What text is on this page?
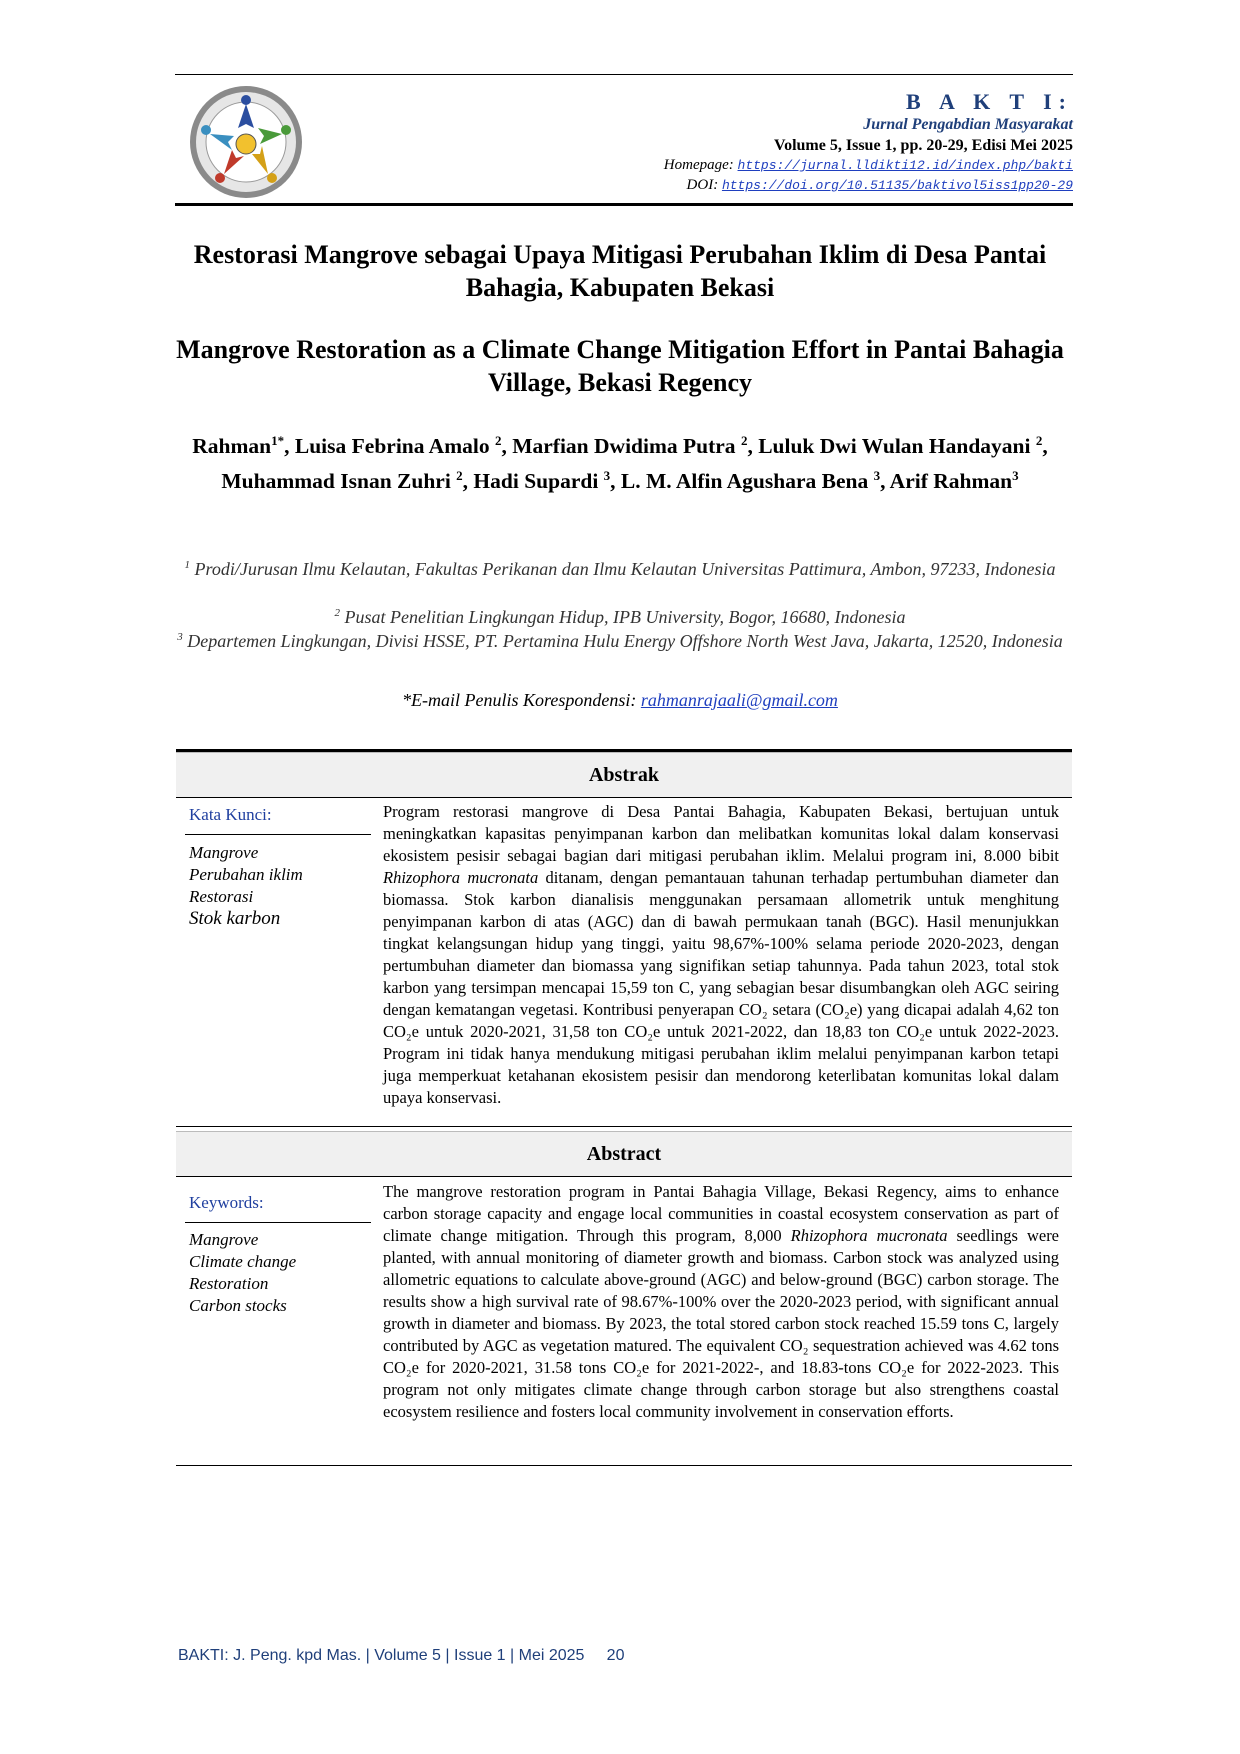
B A K T I:
Jurnal Pengabdian Masyarakat
Volume 5, Issue 1, pp. 20-29, Edisi Mei 2025
Homepage: https://jurnal.lldikti12.id/index.php/bakti
DOI: https://doi.org/10.51135/baktivol5iss1pp20-29
Restorasi Mangrove sebagai Upaya Mitigasi Perubahan Iklim di Desa Pantai Bahagia, Kabupaten Bekasi
Mangrove Restoration as a Climate Change Mitigation Effort in Pantai Bahagia Village, Bekasi Regency
Rahman$^{1*}$, Luisa Febrina Amalo $^2$, Marfian Dwidima Putra $^2$, Luluk Dwi Wulan Handayani $^2$, Muhammad Isnan Zuhri $^2$, Hadi Supardi $^3$, L. M. Alfin Agushara Bena $^3$, Arif Rahman$^3$
$^1$ Prodi/Jurusan Ilmu Kelautan, Fakultas Perikanan dan Ilmu Kelautan Universitas Pattimura, Ambon, 97233, Indonesia
$^2$ Pusat Penelitian Lingkungan Hidup, IPB University, Bogor, 16680, Indonesia
$^3$ Departemen Lingkungan, Divisi HSSE, PT. Pertamina Hulu Energy Offshore North West Java, Jakarta, 12520, Indonesia
*E-mail Penulis Korespondensi: rahmanrajaali@gmail.com
Abstrak
Kata Kunci:
Mangrove
Perubahan iklim
Restorasi
Stok karbon
Program restorasi mangrove di Desa Pantai Bahagia, Kabupaten Bekasi, bertujuan untuk meningkatkan kapasitas penyimpanan karbon dan melibatkan komunitas lokal dalam konservasi ekosistem pesisir sebagai bagian dari mitigasi perubahan iklim. Melalui program ini, 8.000 bibit Rhizophora mucronata ditanam, dengan pemantauan tahunan terhadap pertumbuhan diameter dan biomassa. Stok karbon dianalisis menggunakan persamaan allometrik untuk menghitung penyimpanan karbon di atas (AGC) dan di bawah permukaan tanah (BGC). Hasil menunjukkan tingkat kelangsungan hidup yang tinggi, yaitu 98,67%-100% selama periode 2020-2023, dengan pertumbuhan diameter dan biomassa yang signifikan setiap tahunnya. Pada tahun 2023, total stok karbon yang tersimpan mencapai 15,59 ton C, yang sebagian besar disumbangkan oleh AGC seiring dengan kematangan vegetasi. Kontribusi penyerapan CO₂ setara (CO₂e) yang dicapai adalah 4,62 ton CO₂e untuk 2020-2021, 31,58 ton CO₂e untuk 2021-2022, dan 18,83 ton CO₂e untuk 2022-2023. Program ini tidak hanya mendukung mitigasi perubahan iklim melalui penyimpanan karbon tetapi juga memperkuat ketahanan ekosistem pesisir dan mendorong keterlibatan komunitas lokal dalam upaya konservasi.
Abstract
Keywords:
Mangrove
Climate change
Restoration
Carbon stocks
The mangrove restoration program in Pantai Bahagia Village, Bekasi Regency, aims to enhance carbon storage capacity and engage local communities in coastal ecosystem conservation as part of climate change mitigation. Through this program, 8,000 Rhizophora mucronata seedlings were planted, with annual monitoring of diameter growth and biomass. Carbon stock was analyzed using allometric equations to calculate above-ground (AGC) and below-ground (BGC) carbon storage. The results show a high survival rate of 98.67%-100% over the 2020-2023 period, with significant annual growth in diameter and biomass. By 2023, the total stored carbon stock reached 15.59 tons C, largely contributed by AGC as vegetation matured. The equivalent CO₂ sequestration achieved was 4.62 tons CO₂e for 2020-2021, 31.58 tons CO₂e for 2021-2022-, and 18.83-tons CO₂e for 2022-2023. This program not only mitigates climate change through carbon storage but also strengthens coastal ecosystem resilience and fosters local community involvement in conservation efforts.
BAKTI: J. Peng. kpd Mas. | Volume 5 | Issue 1 | Mei 2025     20
